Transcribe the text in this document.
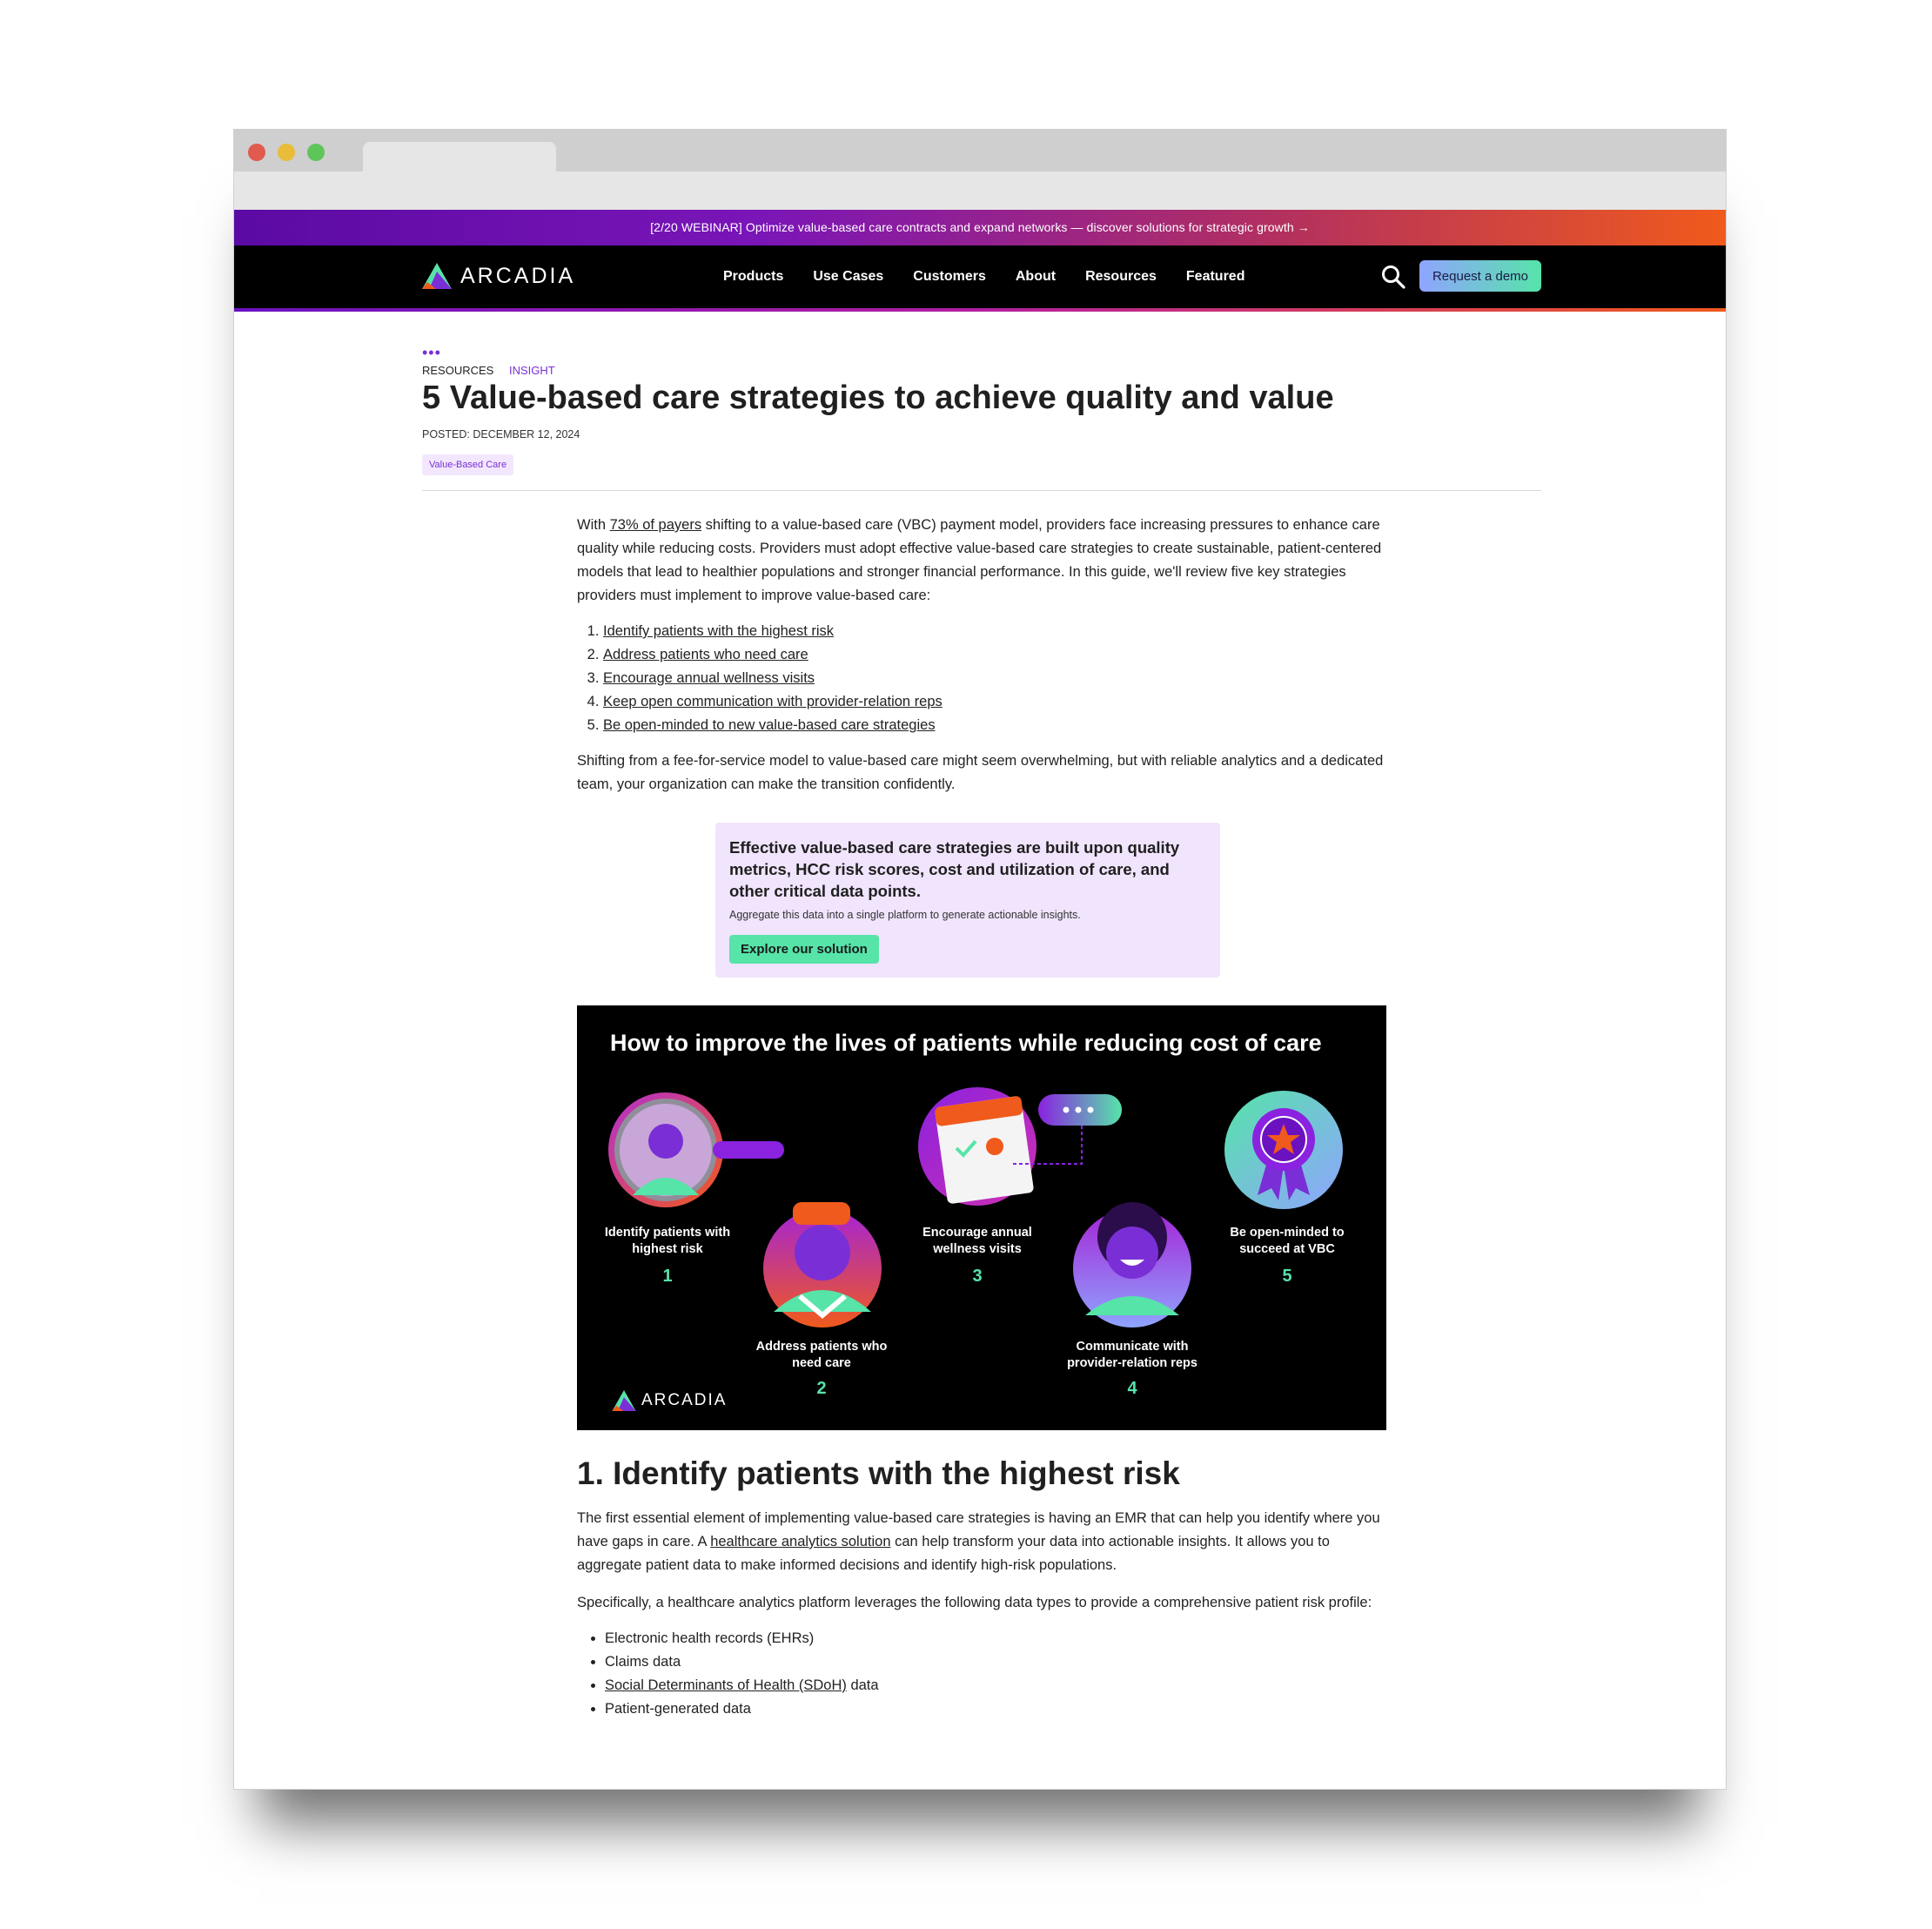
[2/20 WEBINAR] Optimize value-based care contracts and expand networks — discover solutions for strategic growth →
ARCADIA	Products Use Cases Customers About Resources Featured	Request a demo
•••
RESOURCES INSIGHT
5 Value-based care strategies to achieve quality and value
POSTED: DECEMBER 12, 2024
Value-Based Care

With 73% of payers shifting to a value-based care (VBC) payment model, providers face increasing pressures to enhance care quality while reducing costs. Providers must adopt effective value-based care strategies to create sustainable, patient-centered models that lead to healthier populations and stronger financial performance. In this guide, we'll review five key strategies providers must implement to improve value-based care:

1. Identify patients with the highest risk
2. Address patients who need care
3. Encourage annual wellness visits
4. Keep open communication with provider-relation reps
5. Be open-minded to new value-based care strategies

Shifting from a fee-for-service model to value-based care might seem overwhelming, but with reliable analytics and a dedicated team, your organization can make the transition confidently.

Effective value-based care strategies are built upon quality metrics, HCC risk scores, cost and utilization of care, and other critical data points.
Aggregate this data into a single platform to generate actionable insights.
Explore our solution
How to improve the lives of patients while reducing cost of care
Identify patients with highest risk
1
Address patients who need care
2
Encourage annual wellness visits
3
Communicate with provider-relation reps
4
Be open-minded to succeed at VBC
5
ARCADIA
1. Identify patients with the highest risk

The first essential element of implementing value-based care strategies is having an EMR that can help you identify where you have gaps in care. A healthcare analytics solution can help transform your data into actionable insights. It allows you to aggregate patient data to make informed decisions and identify high-risk populations.

Specifically, a healthcare analytics platform leverages the following data types to provide a comprehensive patient risk profile:

• Electronic health records (EHRs)
• Claims data
• Social Determinants of Health (SDoH) data
• Patient-generated data
